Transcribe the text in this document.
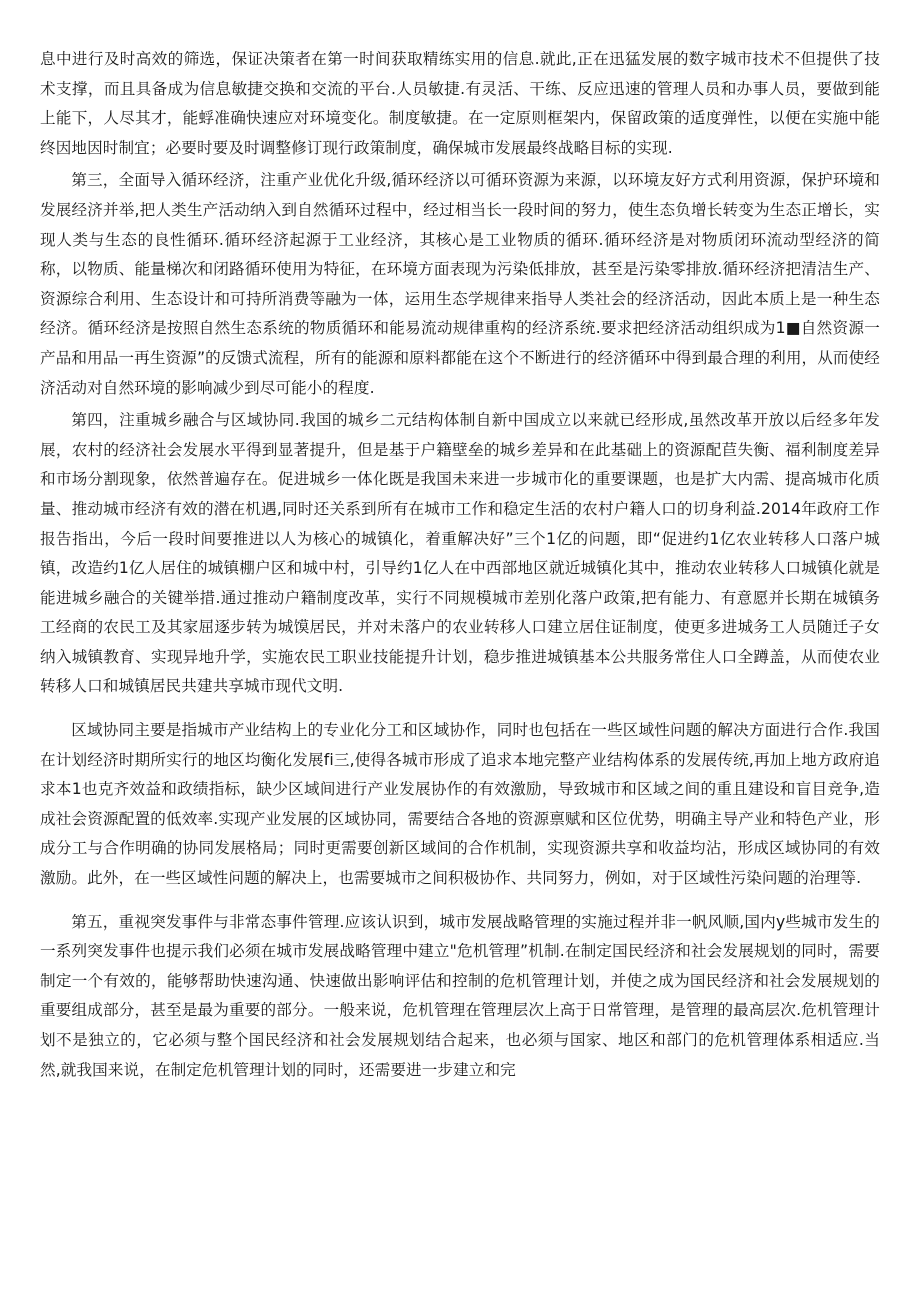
息中进行及时高效的筛选，保证决策者在第一时间获取精练实用的信息.就此,正在迅猛发展的数字城市技术不但提供了技术支撑，而且具备成为信息敏捷交换和交流的平台.人员敏捷.有灵活、干练、反应迅速的管理人员和办事人员，要做到能上能下，人尽其才，能蜉准确快速应对环境变化。制度敏捷。在一定原则框架内，保留政策的适度弹性，以便在实施中能终因地因时制宜；必要时要及时调整修订现行政策制度，确保城市发展最终战略目标的实现.

第三，全面导入循环经济，注重产业优化升级,循环经济以可循环资源为来源，以环境友好方式利用资源，保护环境和发展经济并举,把人类生产活动纳入到自然循环过程中，经过相当长一段时间的努力，使生态负增长转变为生态正增长，实现人类与生态的良性循环.循环经济起源于工业经济，其核心是工业物质的循环.循环经济是对物质闭环流动型经济的简称，以物质、能量梯次和闭路循环使用为特征，在环境方面表现为污染低排放，甚至是污染零排放.循环经济把清洁生产、资源综合利用、生态设计和可持所消费等融为一体，运用生态学规律来指导人类社会的经济活动，因此本质上是一种生态经济。循环经济是按照自然生态系统的物质循环和能易流动规律重构的经济系统.要求把经济活动组织成为1■自然资源一产品和用品一再生资源”的反馈式流程，所有的能源和原料都能在这个不断进行的经济循环中得到最合理的利用，从而使经济活动对自然环境的影响减少到尽可能小的程度.

第四，注重城乡融合与区域协同.我国的城乡二元结构体制自新中国成立以来就已经形成,虽然改革开放以后经多年发展，农村的经济社会发展水平得到显著提升，但是基于户籍壁垒的城乡差异和在此基础上的资源配苣失衡、福利制度差异和市场分割现象，依然普遍存在。促进城乡一体化既是我国未来进一步城市化的重要课题，也是扩大内需、提高城市化质量、推动城市经济有效的潜在机遇,同时还关系到所有在城市工作和稳定生活的农村户籍人口的切身利益.2014年政府工作报告指出，今后一段时间要推进以人为核心的城镇化，着重解决好”三个1亿的问题，即“促进约1亿农业转移人口落户城镇，改造约1亿人居住的城镇棚户区和城中村，引导约1亿人在中西部地区就近城镇化其中，推动农业转移人口城镇化就是能进城乡融合的关键举措.通过推动户籍制度改革，实行不同规模城市差别化落户政策,把有能力、有意愿并长期在城镇务工经商的农民工及其家屈逐步转为城馍居民，并对未落户的农业转移人口建立居住证制度，使更多进城务工人员随迁子女纳入城镇教育、实现异地升学，实施农民工职业技能提升计划，稳步推进城镇基本公共服务常住人口全蹲盖，从而使农业转移人口和城镇居民共建共享城市现代文明.

区域协同主要是指城市产业结构上的专业化分工和区域协作，同时也包括在一些区域性问题的解决方面进行合作.我国在计划经济时期所实行的地区均衡化发展fi三,使得各城市形成了追求本地完整产业结构体系的发展传统,再加上地方政府追求本1也克齐效益和政绩指标，缺少区域间进行产业发展协作的有效激励，导致城市和区域之间的重且建设和盲目竞争,造成社会资源配置的低效率.实现产业发展的区域协同，需要结合各地的资源禀赋和区位优势，明确主导产业和特色产业，形成分工与合作明确的协同发展格局；同时更需要创新区域间的合作机制，实现资源共享和收益均沾，形成区域协同的有效激励。此外，在一些区域性问题的解决上，也需要城市之间积极协作、共同努力，例如，对于区域性污染问题的治理等.

第五，重视突发事件与非常态事件管理.应该认识到，城市发展战略管理的实施过程并非一帆风顺,国内y些城市发生的一系列突发事件也提示我们必须在城市发展战略管理中建立"危机管理”机制.在制定国民经济和社会发展规划的同时，需要制定一个有效的，能够帮助快速沟通、快速做出影响评估和控制的危机管理计划，并使之成为国民经济和社会发展规划的重要组成部分，甚至是最为重要的部分。一般来说，危机管理在管理层次上高于日常管理，是管理的最高层次.危机管理计划不是独立的，它必须与整个国民经济和社会发展规划结合起来，也必须与国家、地区和部门的危机管理体系相适应.当然,就我国来说，在制定危机管理计划的同时，还需要进一步建立和完
